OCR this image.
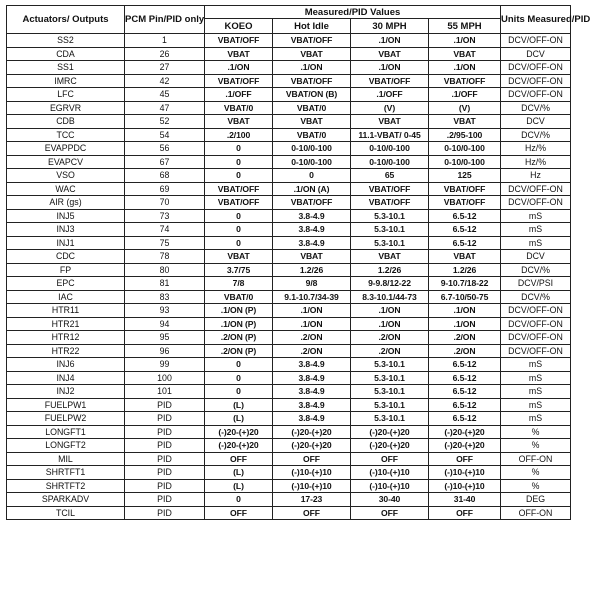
Actuators/ Outputs	PCM Pin/PID only	Measured/PID Values				Units Measured/PID
		KOEO	Hot Idle	30 MPH	55 MPH	
SS2	1	VBAT/OFF	VBAT/OFF	.1/ON	.1/ON	DCV/OFF-ON
CDA	26	VBAT	VBAT	VBAT	VBAT	DCV
SS1	27	.1/ON	.1/ON	.1/ON	.1/ON	DCV/OFF-ON
IMRC	42	VBAT/OFF	VBAT/OFF	VBAT/OFF	VBAT/OFF	DCV/OFF-ON
LFC	45	.1/OFF	VBAT/ON (B)	.1/OFF	.1/OFF	DCV/OFF-ON
EGRVR	47	VBAT/0	VBAT/0	(V)	(V)	DCV/%
CDB	52	VBAT	VBAT	VBAT	VBAT	DCV
TCC	54	.2/100	VBAT/0	11.1-VBAT/ 0-45	.2/95-100	DCV/%
EVAPPDC	56	0	0-10/0-100	0-10/0-100	0-10/0-100	Hz/%
EVAPCV	67	0	0-10/0-100	0-10/0-100	0-10/0-100	Hz/%
VSO	68	0	0	65	125	Hz
WAC	69	VBAT/OFF	.1/ON (A)	VBAT/OFF	VBAT/OFF	DCV/OFF-ON
AIR (gs)	70	VBAT/OFF	VBAT/OFF	VBAT/OFF	VBAT/OFF	DCV/OFF-ON
INJ5	73	0	3.8-4.9	5.3-10.1	6.5-12	mS
INJ3	74	0	3.8-4.9	5.3-10.1	6.5-12	mS
INJ1	75	0	3.8-4.9	5.3-10.1	6.5-12	mS
CDC	78	VBAT	VBAT	VBAT	VBAT	DCV
FP	80	3.7/75	1.2/26	1.2/26	1.2/26	DCV/%
EPC	81	7/8	9/8	9-9.8/12-22	9-10.7/18-22	DCV/PSI
IAC	83	VBAT/0	9.1-10.7/34-39	8.3-10.1/44-73	6.7-10/50-75	DCV/%
HTR11	93	.1/ON (P)	.1/ON	.1/ON	.1/ON	DCV/OFF-ON
HTR21	94	.1/ON (P)	.1/ON	.1/ON	.1/ON	DCV/OFF-ON
HTR12	95	.2/ON (P)	.2/ON	.2/ON	.2/ON	DCV/OFF-ON
HTR22	96	.2/ON (P)	.2/ON	.2/ON	.2/ON	DCV/OFF-ON
INJ6	99	0	3.8-4.9	5.3-10.1	6.5-12	mS
INJ4	100	0	3.8-4.9	5.3-10.1	6.5-12	mS
INJ2	101	0	3.8-4.9	5.3-10.1	6.5-12	mS
FUELPW1	PID	(L)	3.8-4.9	5.3-10.1	6.5-12	mS
FUELPW2	PID	(L)	3.8-4.9	5.3-10.1	6.5-12	mS
LONGFT1	PID	(-)20-(+)20	(-)20-(+)20	(-)20-(+)20	(-)20-(+)20	%
LONGFT2	PID	(-)20-(+)20	(-)20-(+)20	(-)20-(+)20	(-)20-(+)20	%
MIL	PID	OFF	OFF	OFF	OFF	OFF-ON
SHRTFT1	PID	(L)	(-)10-(+)10	(-)10-(+)10	(-)10-(+)10	%
SHRTFT2	PID	(L)	(-)10-(+)10	(-)10-(+)10	(-)10-(+)10	%
SPARKADV	PID	0	17-23	30-40	31-40	DEG
TCIL	PID	OFF	OFF	OFF	OFF	OFF-ON
